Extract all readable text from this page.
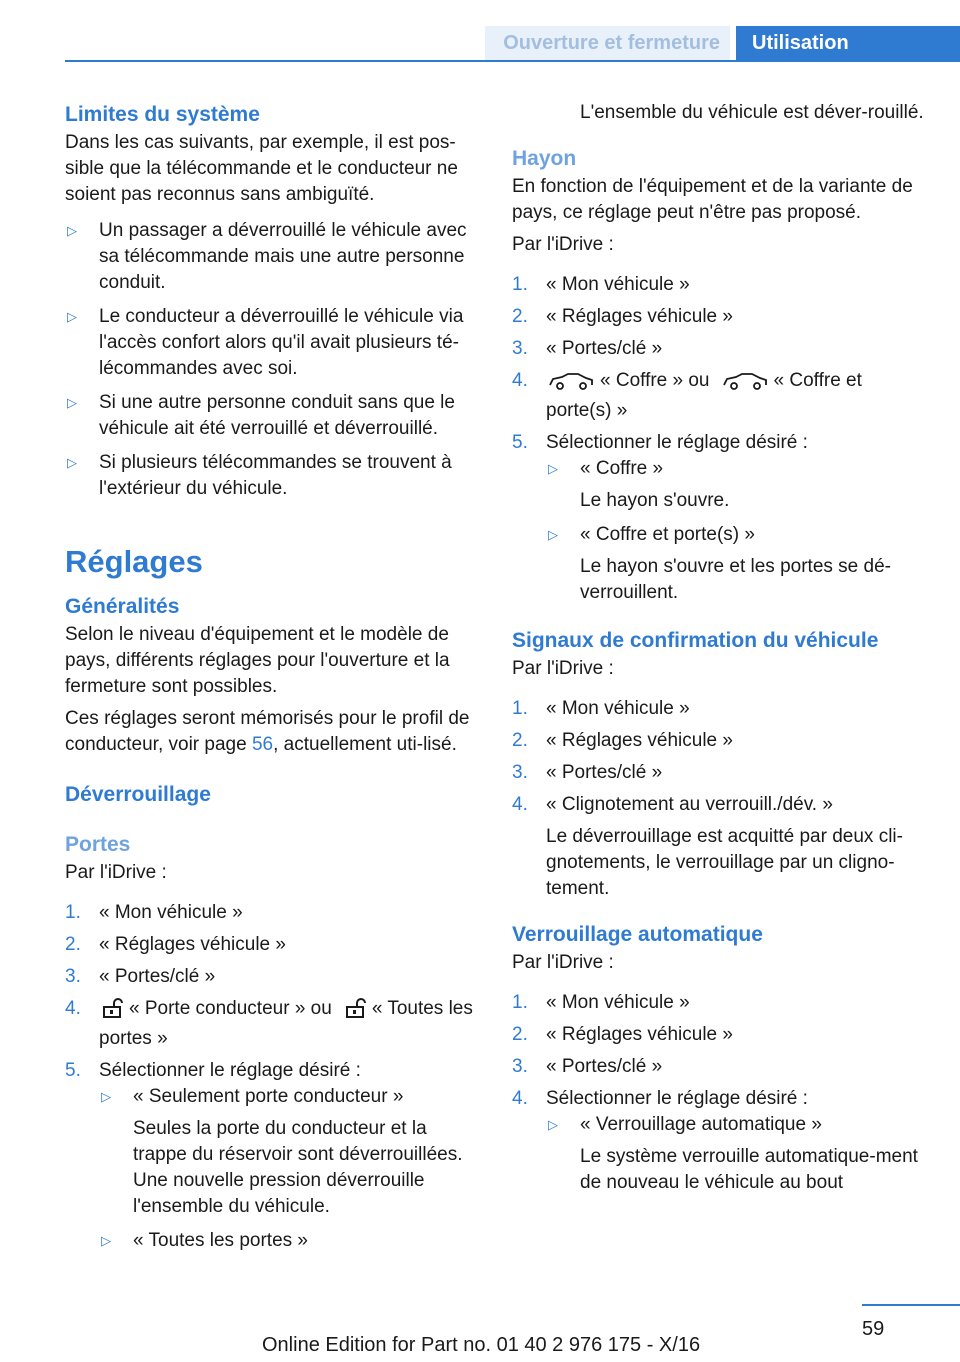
Ouverture et fermeture	Utilisation
Limites du système

Dans les cas suivants, par exemple, il est pos-sible que la télécommande et le conducteur ne soient pas reconnus sans ambiguïté.

▷ Un passager a déverrouillé le véhicule avec sa télécommande mais une autre personne conduit.
▷ Le conducteur a déverrouillé le véhicule via l'accès confort alors qu'il avait plusieurs té-lécommandes avec soi.
▷ Si une autre personne conduit sans que le véhicule ait été verrouillé et déverrouillé.
▷ Si plusieurs télécommandes se trouvent à l'extérieur du véhicule.
Réglages
Généralités

Selon le niveau d'équipement et le modèle de pays, différents réglages pour l'ouverture et la fermeture sont possibles.

Ces réglages seront mémorisés pour le profil de conducteur, voir page 56, actuellement uti-lisé.

Déverrouillage
Portes

Par l'iDrive :

1. « Mon véhicule »
2. « Réglages véhicule »
3. « Portes/clé »
4.	« Porte conducteur » ou « Toutes les portes »
5. Sélectionner le réglage désiré :
▷ « Seulement porte conducteur »
Seules la porte du conducteur et la trappe du réservoir sont déverrouillées. Une nouvelle pression déverrouille l'ensemble du véhicule.
▷ « Toutes les portes »

L'ensemble du véhicule est déver-rouillé.

Hayon

En fonction de l'équipement et de la variante de pays, ce réglage peut n'être pas proposé.

Par l'iDrive :

1. « Mon véhicule »
2. « Réglages véhicule »
3. « Portes/clé »
4.	« Coffre » ou	« Coffre et porte(s) »
5. Sélectionner le réglage désiré :
▷ « Coffre »
Le hayon s'ouvre.
▷ « Coffre et porte(s) »
Le hayon s'ouvre et les portes se dé-verrouillent.
Signaux de confirmation du véhicule

Par l'iDrive :

1. « Mon véhicule »
2. « Réglages véhicule »
3. « Portes/clé »
4. « Clignotement au verrouill./dév. »
Le déverrouillage est acquitté par deux cli-gnotements, le verrouillage par un cligno-tement.
Verrouillage automatique

Par l'iDrive :

1. « Mon véhicule »
2. « Réglages véhicule »
3. « Portes/clé »
4. Sélectionner le réglage désiré :
▷ « Verrouillage automatique »
Le système verrouille automatique-ment de nouveau le véhicule au bout
59
Online Edition for Part no. 01 40 2 976 175 - X/16
